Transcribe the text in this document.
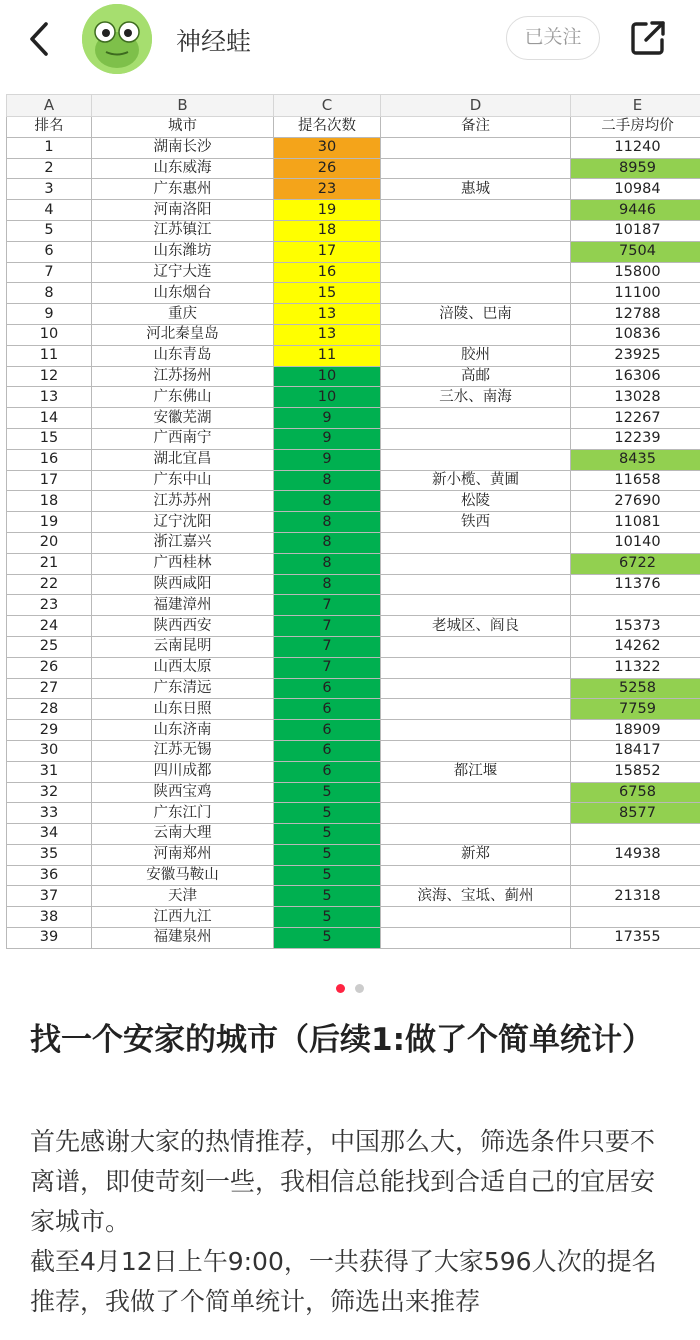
神经蛙	已关注
A	B	C	D	E
排名	城市	提名次数	备注	二手房均价
1	湖南长沙	30		11240
2	山东威海	26		8959
3	广东惠州	23	惠城	10984
4	河南洛阳	19		9446
5	江苏镇江	18		10187
6	山东潍坊	17		7504
7	辽宁大连	16		15800
8	山东烟台	15		11100
9	重庆	13	涪陵、巴南	12788
10	河北秦皇岛	13		10836
11	山东青岛	11	胶州	23925
12	江苏扬州	10	高邮	16306
13	广东佛山	10	三水、南海	13028
14	安徽芜湖	9		12267
15	广西南宁	9		12239
16	湖北宜昌	9		8435
17	广东中山	8	新小榄、黄圃	11658
18	江苏苏州	8	松陵	27690
19	辽宁沈阳	8	铁西	11081
20	浙江嘉兴	8		10140
21	广西桂林	8		6722
22	陕西咸阳	8		11376
23	福建漳州	7		
24	陕西西安	7	老城区、阎良	15373
25	云南昆明	7		14262
26	山西太原	7		11322
27	广东清远	6		5258
28	山东日照	6		7759
29	山东济南	6		18909
30	江苏无锡	6		18417
31	四川成都	6	都江堰	15852
32	陕西宝鸡	5		6758
33	广东江门	5		8577
34	云南大理	5		
35	河南郑州	5	新郑	14938
36	安徽马鞍山	5		
37	天津	5	滨海、宝坻、蓟州	21318
38	江西九江	5		
39	福建泉州	5		17355

找一个安家的城市（后续1:做了个简单统计）

首先感谢大家的热情推荐，中国那么大，筛选条件只要不离谱，即使苛刻一些，我相信总能找到合适自己的宜居安家城市。

截至4月12日上午9:00，一共获得了大家596人次的提名推荐，我做了个简单统计，筛选出来推荐
